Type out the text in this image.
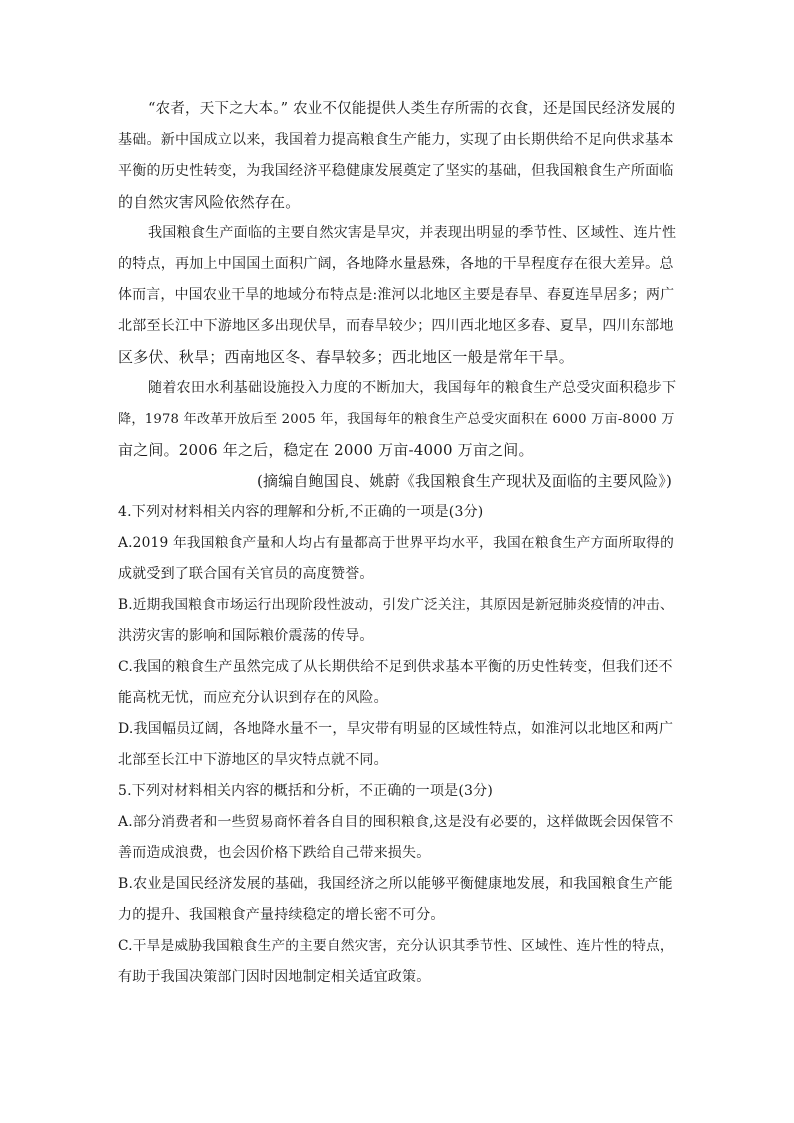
“农者，天下之大本。” 农业不仅能提供人类生存所需的衣食，还是国民经济发展的
基础。新中国成立以来，我国着力提高粮食生产能力，实现了由长期供给不足向供求基本
平衡的历史性转变，为我国经济平稳健康发展奠定了坚实的基础，但我国粮食生产所面临
的自然灾害风险依然存在。
我国粮食生产面临的主要自然灾害是旱灾，并表现出明显的季节性、区域性、连片性
的特点，再加上中国国土面积广阔，各地降水量悬殊，各地的干旱程度存在很大差异。总
体而言，中国农业干旱的地域分布特点是:淮河以北地区主要是春旱、春夏连旱居多；两广
北部至长江中下游地区多出现伏旱，而春旱较少；四川西北地区多春、夏旱，四川东部地
区多伏、秋旱；西南地区冬、春旱较多；西北地区一般是常年干旱。
随着农田水利基础设施投入力度的不断加大，我国每年的粮食生产总受灾面积稳步下
降，1978 年改革开放后至 2005 年，我国每年的粮食生产总受灾面积在 6000 万亩-8000 万
亩之间。2006 年之后，稳定在 2000 万亩-4000 万亩之间。
(摘编自鲍国良、姚蔚《我国粮食生产现状及面临的主要风险》)
4.下列对材料相关内容的理解和分析,不正确的一项是(3分)
A.2019 年我国粮食产量和人均占有量都高于世界平均水平，我国在粮食生产方面所取得的
成就受到了联合国有关官员的高度赞誉。
B.近期我国粮食市场运行出现阶段性波动，引发广泛关注，其原因是新冠肺炎疫情的冲击、
洪涝灾害的影响和国际粮价震荡的传导。
C.我国的粮食生产虽然完成了从长期供给不足到供求基本平衡的历史性转变，但我们还不
能高枕无忧，而应充分认识到存在的风险。
D.我国幅员辽阔，各地降水量不一，旱灾带有明显的区域性特点，如淮河以北地区和两广
北部至长江中下游地区的旱灾特点就不同。
5.下列对材料相关内容的概括和分析，不正确的一项是(3分)
A.部分消费者和一些贸易商怀着各自目的囤积粮食,这是没有必要的，这样做既会因保管不
善而造成浪费，也会因价格下跌给自己带来损失。
B.农业是国民经济发展的基础，我国经济之所以能够平衡健康地发展，和我国粮食生产能
力的提升、我国粮食产量持续稳定的增长密不可分。
C.干旱是威胁我国粮食生产的主要自然灾害，充分认识其季节性、区域性、连片性的特点，
有助于我国决策部门因时因地制定相关适宜政策。
